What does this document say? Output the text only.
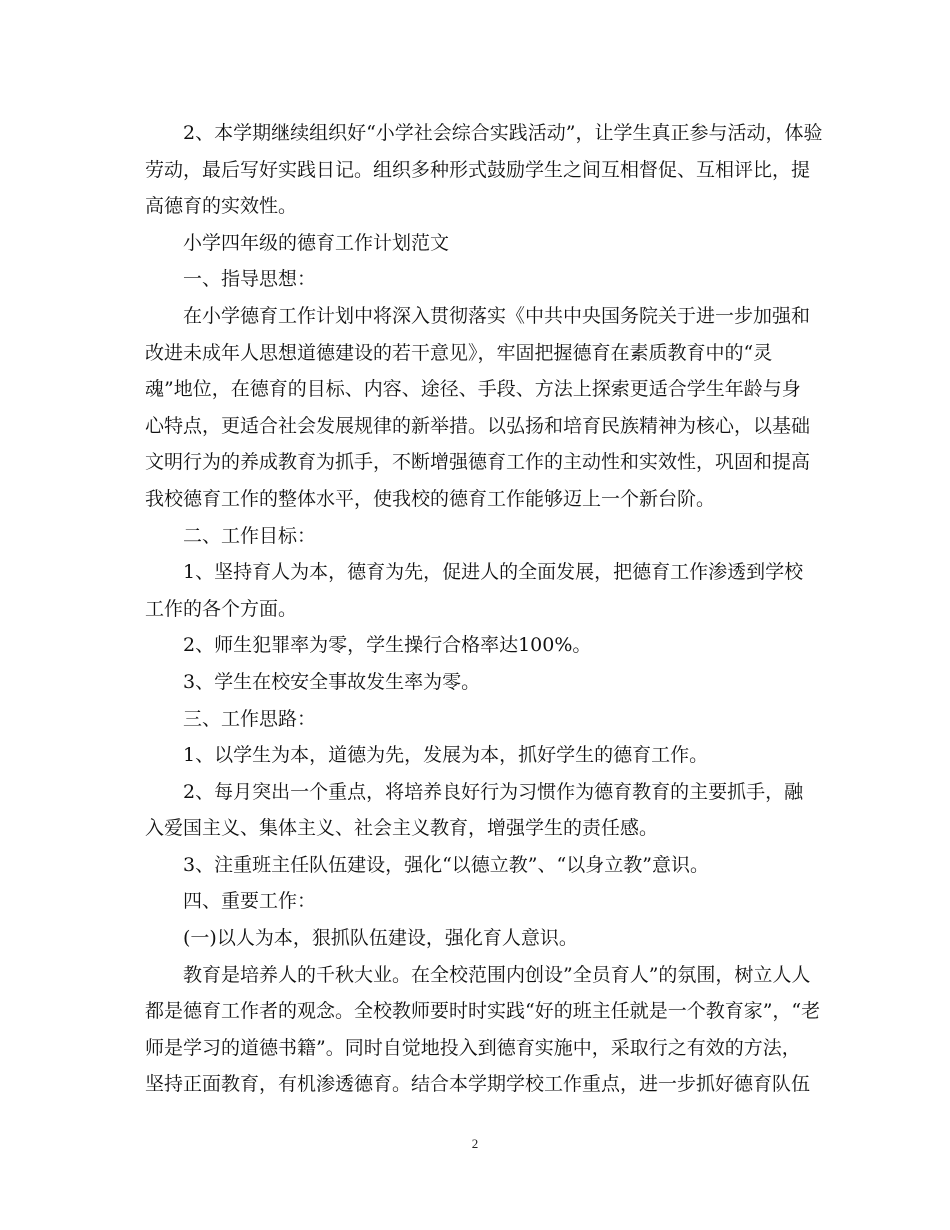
2、本学期继续组织好“小学社会综合实践活动”，让学生真正参与活动，体验
劳动，最后写好实践日记。组织多种形式鼓励学生之间互相督促、互相评比，提
高德育的实效性。

小学四年级的德育工作计划范文

一、指导思想：

在小学德育工作计划中将深入贯彻落实《中共中央国务院关于进一步加强和
改进未成年人思想道德建设的若干意见》，牢固把握德育在素质教育中的“灵
魂”地位，在德育的目标、内容、途径、手段、方法上探索更适合学生年龄与身
心特点，更适合社会发展规律的新举措。以弘扬和培育民族精神为核心，以基础
文明行为的养成教育为抓手，不断增强德育工作的主动性和实效性，巩固和提高
我校德育工作的整体水平，使我校的德育工作能够迈上一个新台阶。

二、工作目标：

1、坚持育人为本，德育为先，促进人的全面发展，把德育工作渗透到学校
工作的各个方面。

2、师生犯罪率为零，学生操行合格率达100%。

3、学生在校安全事故发生率为零。

三、工作思路：

1、以学生为本，道德为先，发展为本，抓好学生的德育工作。

2、每月突出一个重点，将培养良好行为习惯作为德育教育的主要抓手，融
入爱国主义、集体主义、社会主义教育，增强学生的责任感。

3、注重班主任队伍建设，强化“以德立教”、“以身立教”意识。

四、重要工作：

(一)以人为本，狠抓队伍建设，强化育人意识。

教育是培养人的千秋大业。在全校范围内创设”全员育人”的氛围，树立人人
都是德育工作者的观念。全校教师要时时实践“好的班主任就是一个教育家”，“老
师是学习的道德书籍”。同时自觉地投入到德育实施中，采取行之有效的方法，
坚持正面教育，有机渗透德育。结合本学期学校工作重点，进一步抓好德育队伍

2
